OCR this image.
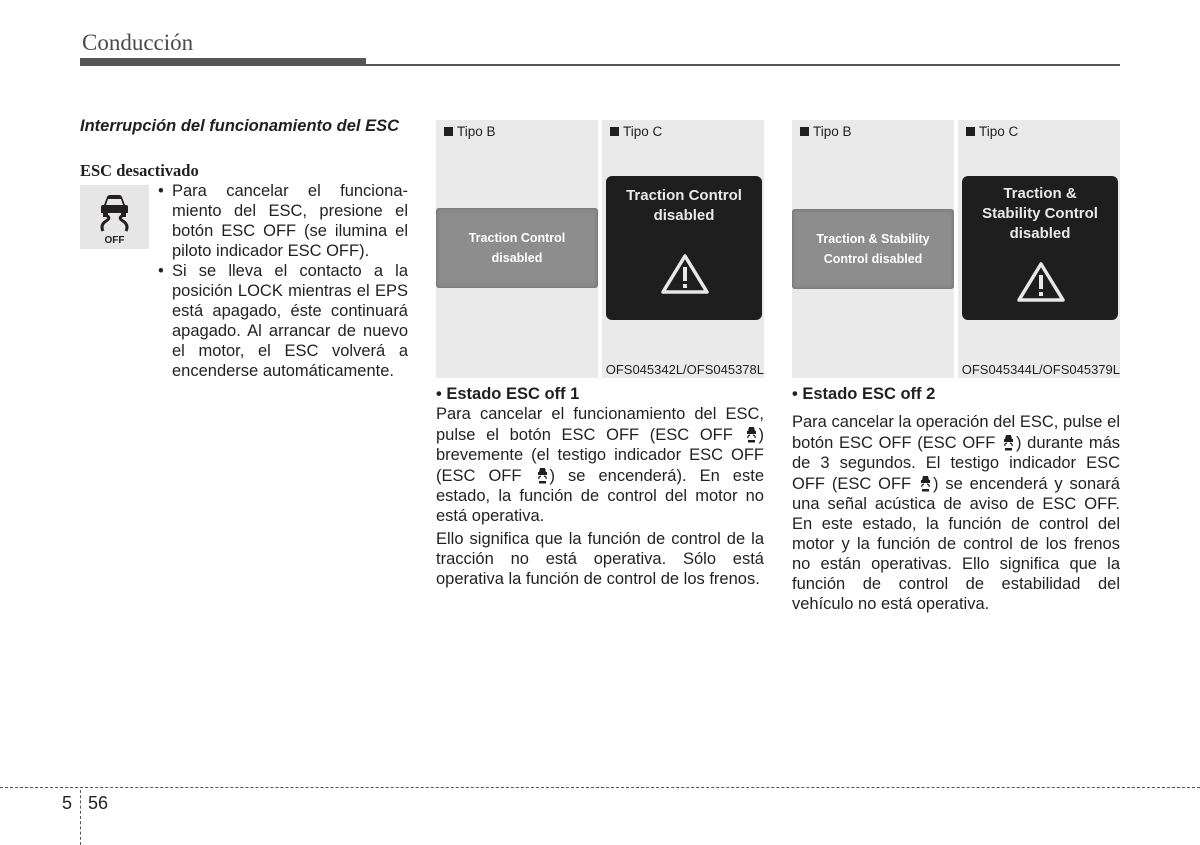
Conducción
Interrupción del funcionamiento del ESC
ESC desactivado
OFF
• Para cancelar el funciona-miento del ESC, presione el botón ESC OFF (se ilumina el piloto indicador ESC OFF).
• Si se lleva el contacto a la posición LOCK mientras el EPS está apagado, éste continuará apagado. Al arrancar de nuevo el motor, el ESC volverá a encenderse automáticamente.
Tipo B
Traction Control
disabled
Tipo C
Traction Control
disabled
OFS045342L/OFS045378L
Tipo B
Traction & Stability
Control disabled
Tipo C
Traction &
Stability Control
disabled
OFS045344L/OFS045379L
• Estado ESC off 1

Para cancelar el funcionamiento del ESC, pulse el botón ESC OFF (ESC OFF ) brevemente (el testigo indicador ESC OFF (ESC OFF ) se encenderá). En este estado, la función de control del motor no está operativa.

Ello significa que la función de control de la tracción no está operativa. Sólo está operativa la función de control de los frenos.

• Estado ESC off 2

Para cancelar la operación del ESC, pulse el botón ESC OFF (ESC OFF ) durante más de 3 segundos. El testigo indicador ESC OFF (ESC OFF ) se encenderá y sonará una señal acústica de aviso de ESC OFF. En este estado, la función de control del motor y la función de control de los frenos no están operativas. Ello significa que la función de control de estabilidad del vehículo no está operativa.

5 56
